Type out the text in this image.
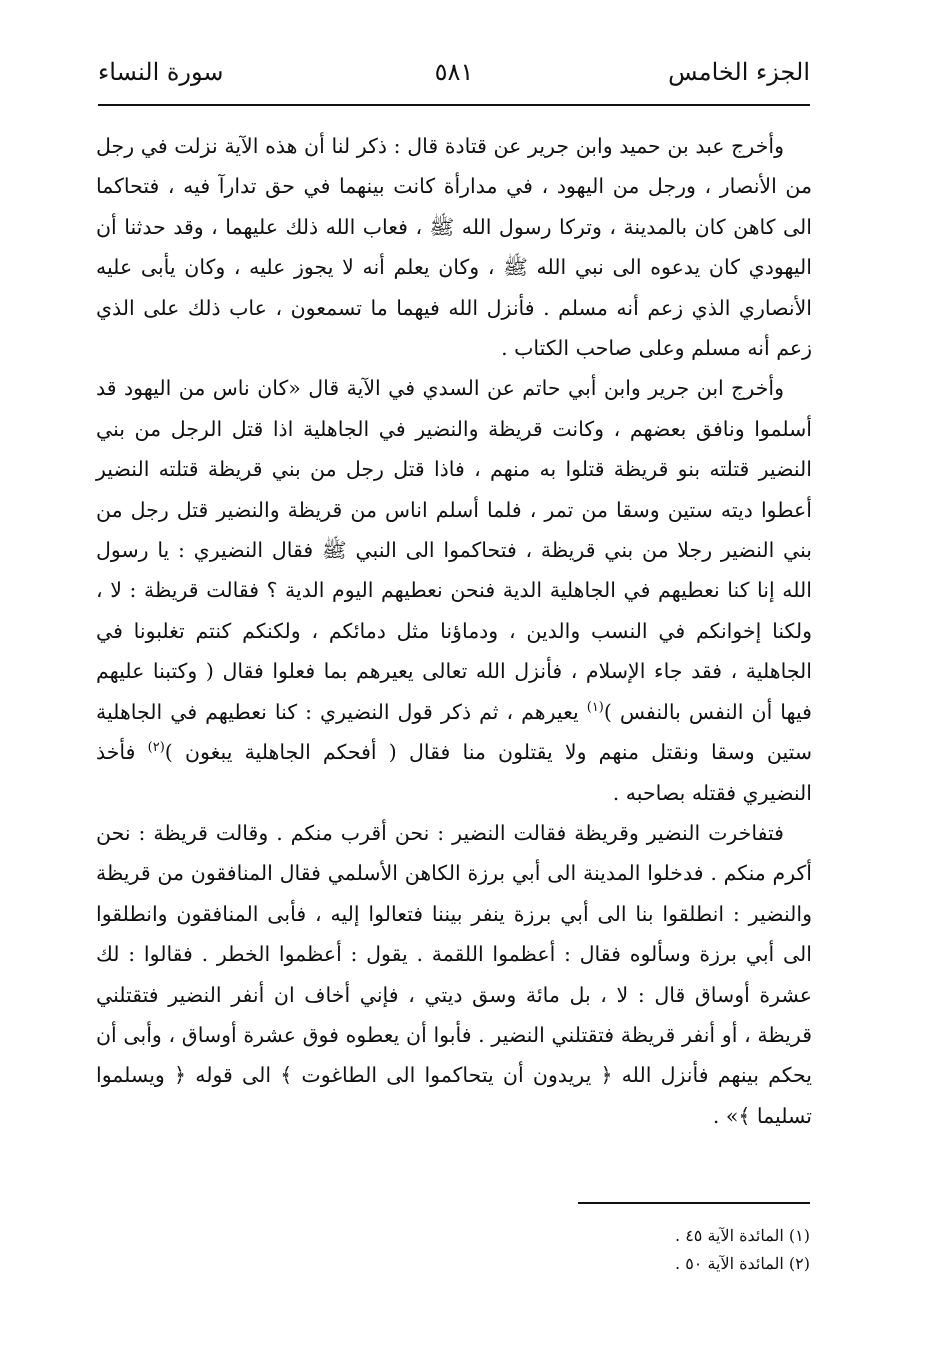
الجزء الخامس
٥٨١
سورة النساء

وأخرج عبد بن حميد وابن جرير عن قتادة قال : ذكر لنا أن هذه الآية نزلت في رجل من الأنصار ، ورجل من اليهود ، في مدارأة كانت بينهما في حق تدارآ فيه ، فتحاكما الى كاهن كان بالمدينة ، وتركا رسول الله ﷺ ، فعاب الله ذلك عليهما ، وقد حدثنا أن اليهودي كان يدعوه الى نبي الله ﷺ ، وكان يعلم أنه لا يجوز عليه ، وكان يأبى عليه الأنصاري الذي زعم أنه مسلم . فأنزل الله فيهما ما تسمعون ، عاب ذلك على الذي زعم أنه مسلم وعلى صاحب الكتاب .

وأخرج ابن جرير وابن أبي حاتم عن السدي في الآية قال «كان ناس من اليهود قد أسلموا ونافق بعضهم ، وكانت قريظة والنضير في الجاهلية اذا قتل الرجل من بني النضير قتلته بنو قريظة قتلوا به منهم ، فاذا قتل رجل من بني قريظة قتلته النضير أعطوا ديته ستين وسقا من تمر ، فلما أسلم اناس من قريظة والنضير قتل رجل من بني النضير رجلا من بني قريظة ، فتحاكموا الى النبي ﷺ فقال النضيري : يا رسول الله إنا كنا نعطيهم في الجاهلية الدية فنحن نعطيهم اليوم الدية ؟ فقالت قريظة : لا ، ولكنا إخوانكم في النسب والدين ، ودماؤنا مثل دمائكم ، ولكنكم كنتم تغلبونا في الجاهلية ، فقد جاء الإسلام ، فأنزل الله تعالى يعيرهم بما فعلوا فقال ( وكتبنا عليهم فيها أن النفس بالنفس )$^{(١)}$ يعيرهم ، ثم ذكر قول النضيري : كنا نعطيهم في الجاهلية ستين وسقا ونقتل منهم ولا يقتلون منا فقال ( أفحكم الجاهلية يبغون )$^{(٢)}$ فأخذ النضيري فقتله بصاحبه .

فتفاخرت النضير وقريظة فقالت النضير : نحن أقرب منكم . وقالت قريظة : نحن أكرم منكم . فدخلوا المدينة الى أبي برزة الكاهن الأسلمي فقال المنافقون من قريظة والنضير : انطلقوا بنا الى أبي برزة ينفر بيننا فتعالوا إليه ، فأبى المنافقون وانطلقوا الى أبي برزة وسألوه فقال : أعظموا اللقمة . يقول : أعظموا الخطر . فقالوا : لك عشرة أوساق قال : لا ، بل مائة وسق ديتي ، فإني أخاف ان أنفر النضير فتقتلني قريظة ، أو أنفر قريظة فتقتلني النضير . فأبوا أن يعطوه فوق عشرة أوساق ، وأبى أن يحكم بينهم فأنزل الله ﴿ يريدون أن يتحاكموا الى الطاغوت ﴾ الى قوله ﴿ ويسلموا تسليما ﴾» .

(١) المائدة الآية ٤٥ .
(٢) المائدة الآية ٥٠ .
